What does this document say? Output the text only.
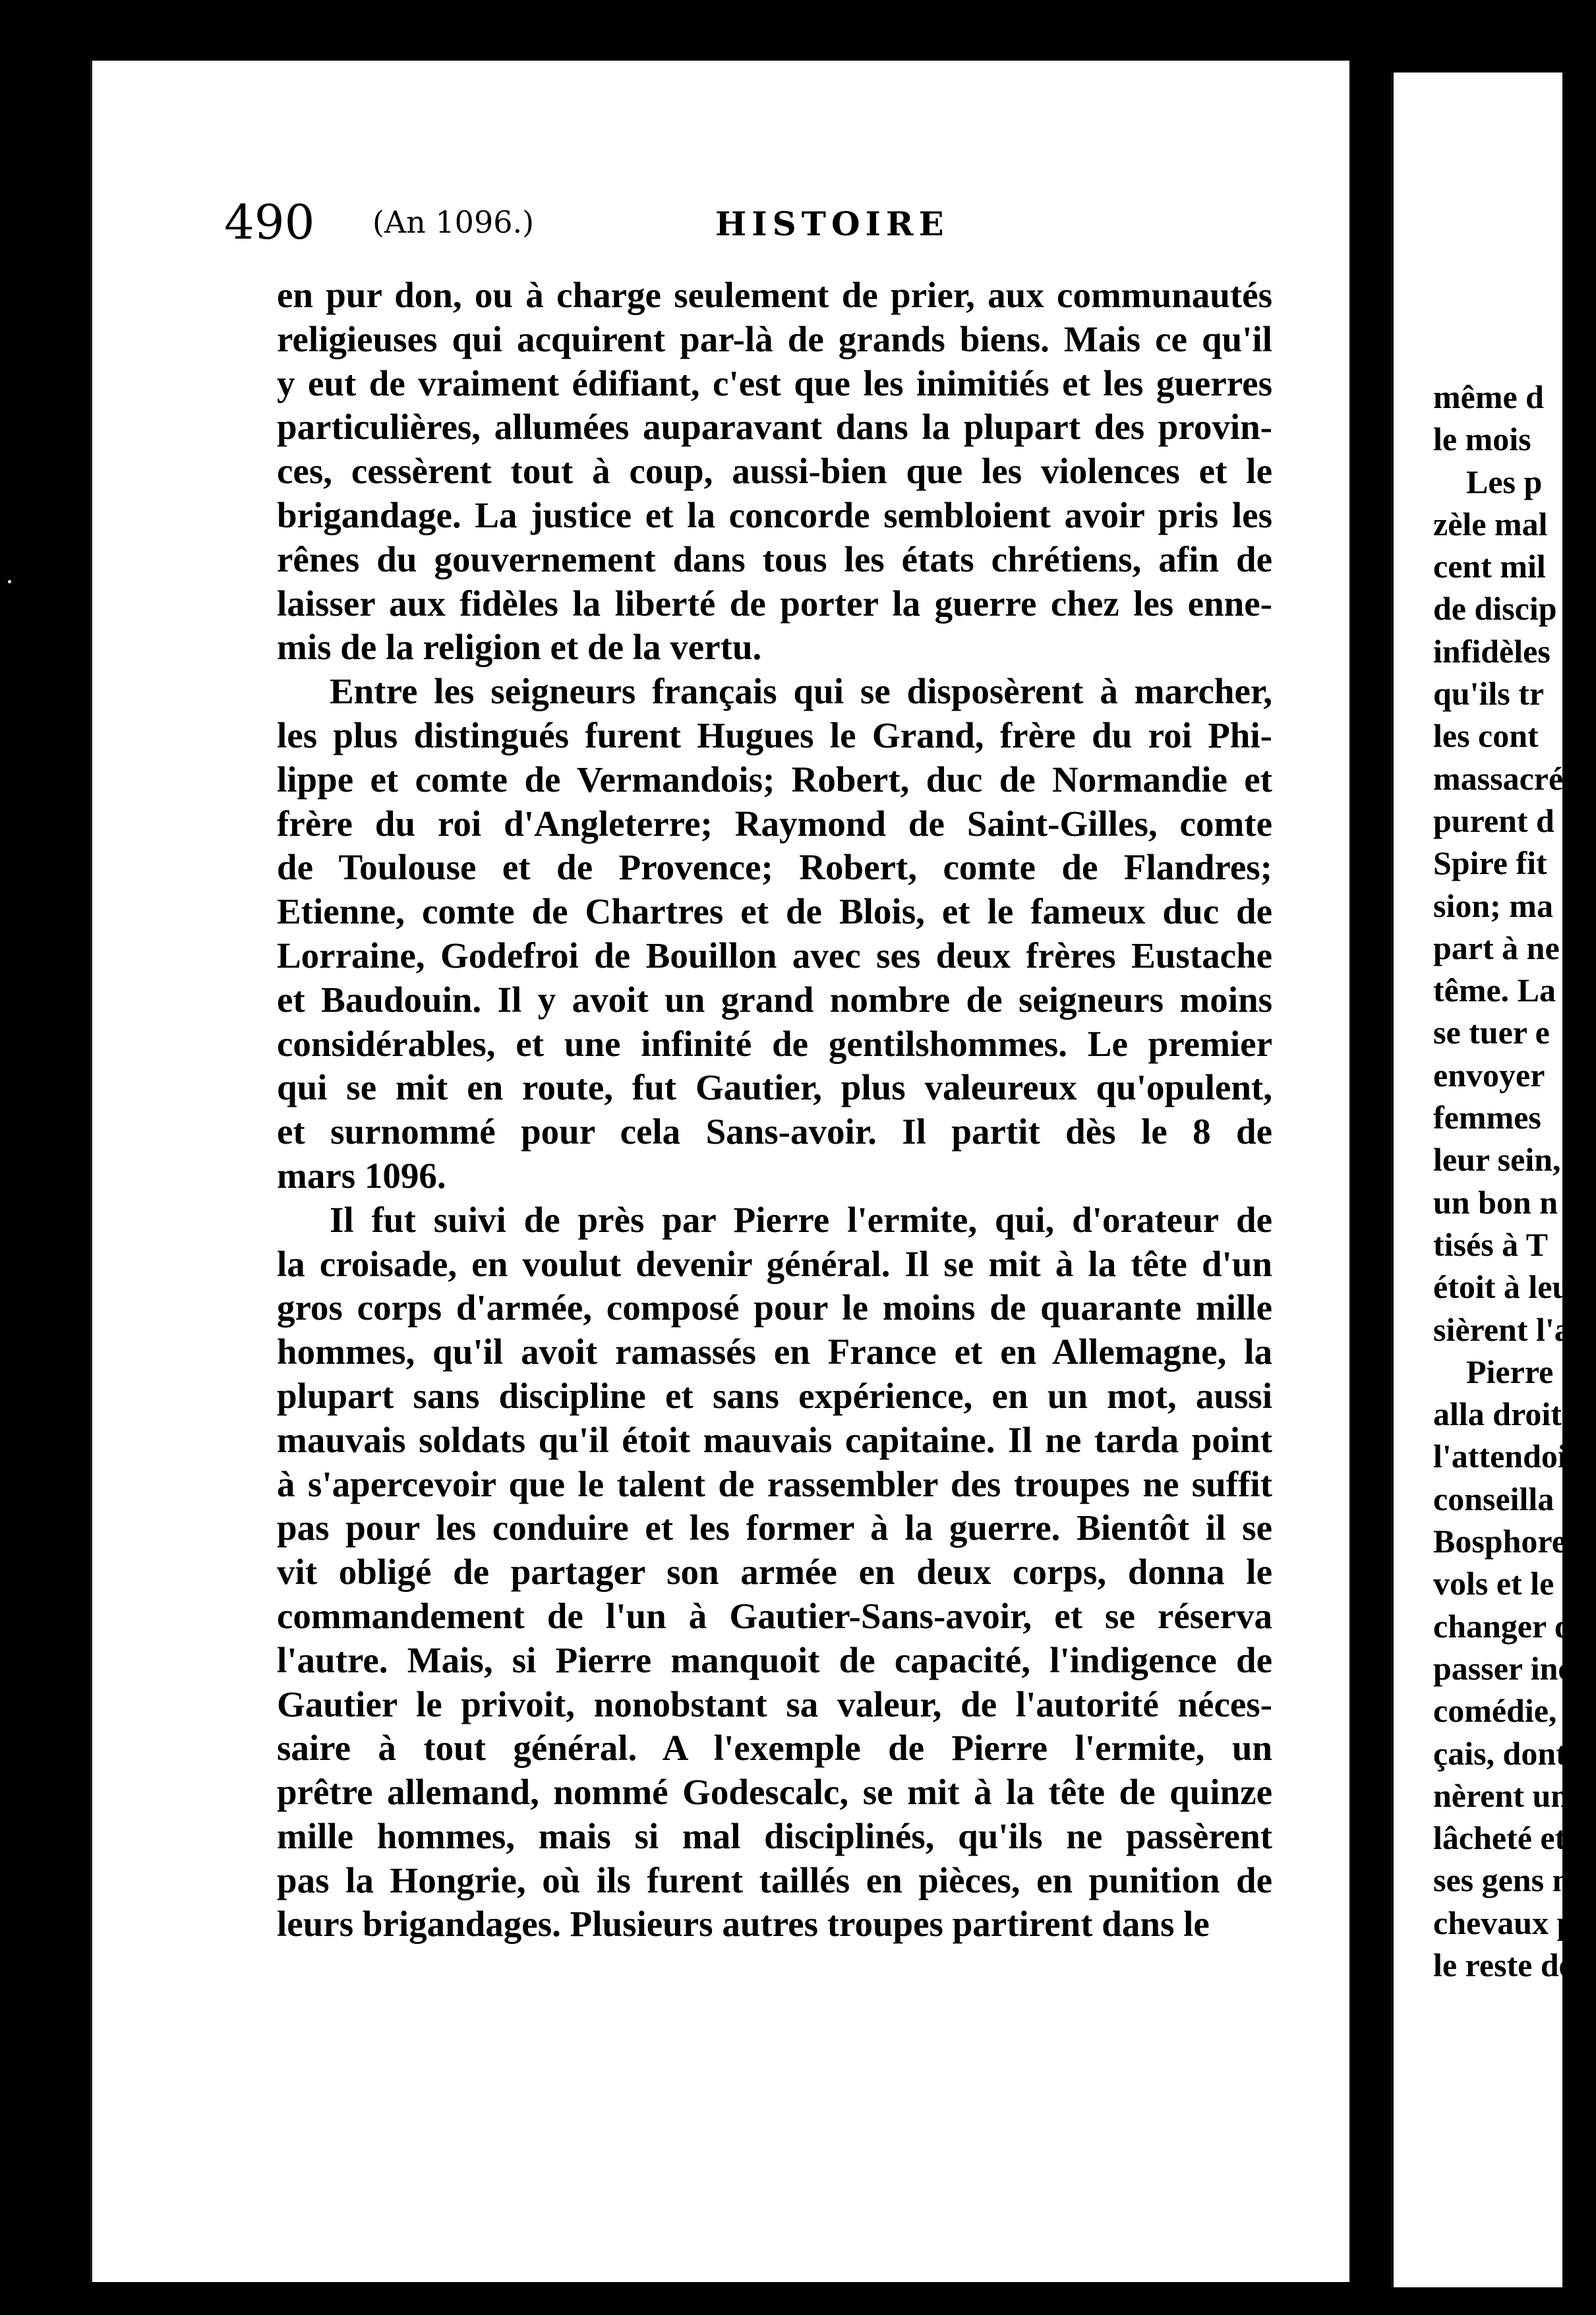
490 (An 1096.)	HISTOIRE
en pur don, ou à charge seulement de prier, aux communautés
religieuses qui acquirent par-là de grands biens. Mais ce qu'il
y eut de vraiment édifiant, c'est que les inimitiés et les guerres
particulières, allumées auparavant dans la plupart des provin-
ces, cessèrent tout à coup, aussi-bien que les violences et le
brigandage. La justice et la concorde sembloient avoir pris les
rênes du gouvernement dans tous les états chrétiens, afin de
laisser aux fidèles la liberté de porter la guerre chez les enne-
mis de la religion et de la vertu.
Entre les seigneurs français qui se disposèrent à marcher,
les plus distingués furent Hugues le Grand, frère du roi Phi-
lippe et comte de Vermandois; Robert, duc de Normandie et
frère du roi d'Angleterre; Raymond de Saint-Gilles, comte
de Toulouse et de Provence; Robert, comte de Flandres;
Etienne, comte de Chartres et de Blois, et le fameux duc de
Lorraine, Godefroi de Bouillon avec ses deux frères Eustache
et Baudouin. Il y avoit un grand nombre de seigneurs moins
considérables, et une infinité de gentilshommes. Le premier
qui se mit en route, fut Gautier, plus valeureux qu'opulent,
et surnommé pour cela Sans-avoir. Il partit dès le 8 de
mars 1096.
Il fut suivi de près par Pierre l'ermite, qui, d'orateur de
la croisade, en voulut devenir général. Il se mit à la tête d'un
gros corps d'armée, composé pour le moins de quarante mille
hommes, qu'il avoit ramassés en France et en Allemagne, la
plupart sans discipline et sans expérience, en un mot, aussi
mauvais soldats qu'il étoit mauvais capitaine. Il ne tarda point
à s'apercevoir que le talent de rassembler des troupes ne suffit
pas pour les conduire et les former à la guerre. Bientôt il se
vit obligé de partager son armée en deux corps, donna le
commandement de l'un à Gautier-Sans-avoir, et se réserva
l'autre. Mais, si Pierre manquoit de capacité, l'indigence de
Gautier le privoit, nonobstant sa valeur, de l'autorité néces-
saire à tout général. A l'exemple de Pierre l'ermite, un
prêtre allemand, nommé Godescalc, se mit à la tête de quinze
mille hommes, mais si mal disciplinés, qu'ils ne passèrent
pas la Hongrie, où ils furent taillés en pièces, en punition de
leurs brigandages. Plusieurs autres troupes partirent dans le
même d
le mois
Les p
zèle mal
cent mil
de discip
infidèles
qu'ils tr
les cont
massacré
purent d
Spire fit
sion; ma
part à ne
tême. La
se tuer e
envoyer
femmes
leur sein,
un bon n
tisés à T
étoit à leu
sièrent l'a
Pierre
alla droit
l'attendoit
conseilla
Bosphore,
vols et le
changer de
passer ince
comédie,
çais, dont i
nèrent un
lâcheté et l
ses gens ma
chevaux p
le reste den
